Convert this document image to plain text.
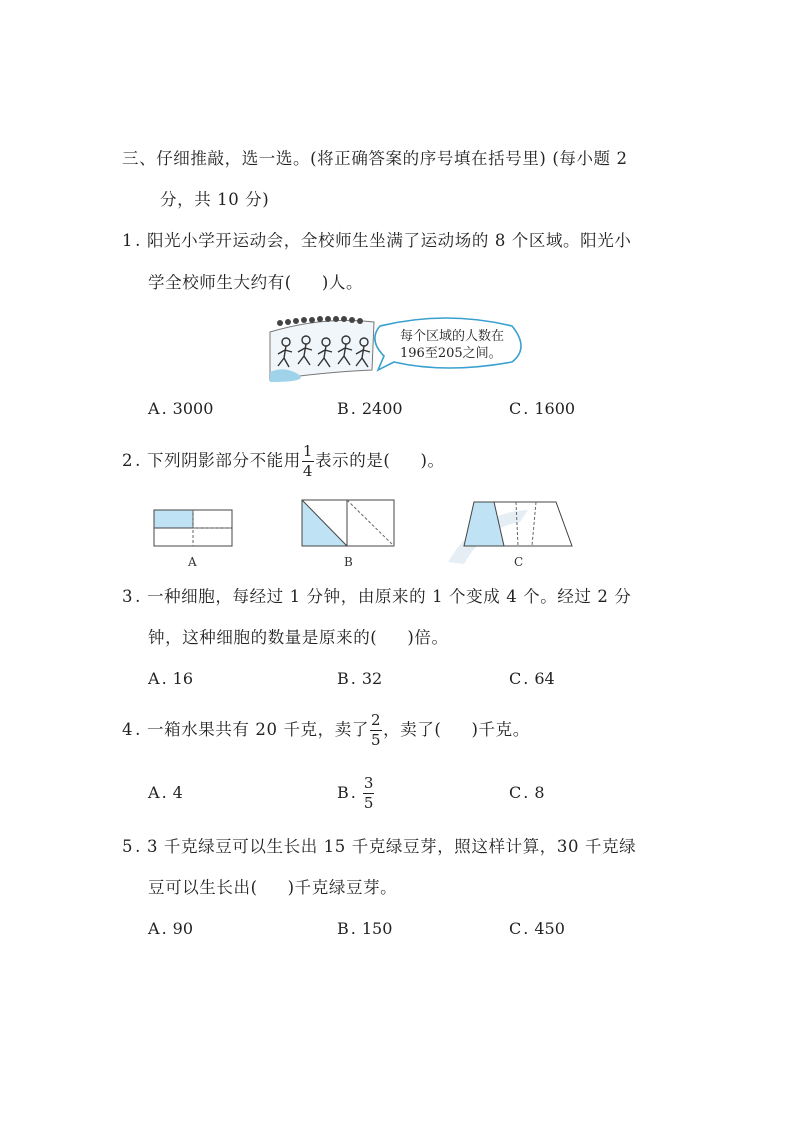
三、仔细推敲，选一选。(将正确答案的序号填在括号里) (每小题 2
分，共 10 分)
1 . 阳光小学开运动会，全校师生坐满了运动场的 8 个区域。阳光小
学全校师生大约有( )人。
每个区域的人数在
196至205之间。
A . 3000	B . 2400	C . 1600
2 . 下列阴影部分不能用 $\frac{1}{4}$ 表示的是( )。
A	B	C
3 . 一种细胞，每经过 1 分钟，由原来的 1 个变成 4 个。经过 2 分
钟，这种细胞的数量是原来的( )倍。
A . 16	B . 32	C . 64
4 . 一箱水果共有 20 千克，卖了 $\frac{2}{5}$ ，卖了( )千克。
A . 4	B . $\frac{3}{5}$	C . 8
5 . 3 千克绿豆可以生长出 15 千克绿豆芽，照这样计算，30 千克绿
豆可以生长出( )千克绿豆芽。
A . 90	B . 150	C . 450
